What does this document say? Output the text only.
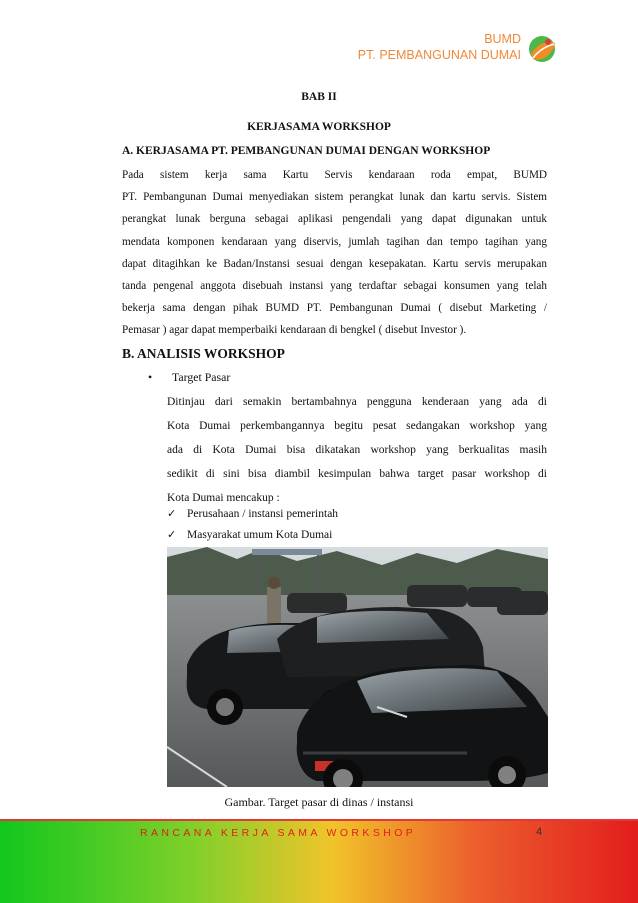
BUMD
PT. PEMBANGUNAN DUMAI
BAB II
KERJASAMA WORKSHOP
A. KERJASAMA PT. PEMBANGUNAN DUMAI DENGAN WORKSHOP
Pada sistem kerja sama Kartu Servis kendaraan roda empat, BUMD
PT. Pembangunan Dumai menyediakan sistem perangkat lunak dan kartu servis. Sistem
perangkat lunak berguna sebagai aplikasi pengendali yang dapat digunakan untuk
mendata komponen kendaraan yang diservis, jumlah tagihan dan tempo tagihan yang
dapat ditagihkan ke Badan/Instansi sesuai dengan kesepakatan. Kartu servis merupakan
tanda pengenal anggota disebuah instansi yang terdaftar sebagai konsumen yang telah
bekerja sama dengan pihak BUMD PT. Pembangunan Dumai ( disebut Marketing /
Pemasar ) agar dapat memperbaiki kendaraan di bengkel ( disebut Investor ).
B. ANALISIS WORKSHOP
• Target Pasar
Ditinjau dari semakin bertambahnya pengguna kenderaan yang ada di
Kota Dumai perkembangannya begitu pesat sedangakan workshop yang
ada di Kota Dumai bisa dikatakan workshop yang berkualitas masih
sedikit di sini bisa diambil kesimpulan bahwa target pasar workshop di
Kota Dumai mencakup :
✓ Perusahaan / instansi pemerintah
✓ Masyarakat umum Kota Dumai
Gambar. Target pasar di dinas / instansi
RANCANA KERJA SAMA WORKSHOP	4
